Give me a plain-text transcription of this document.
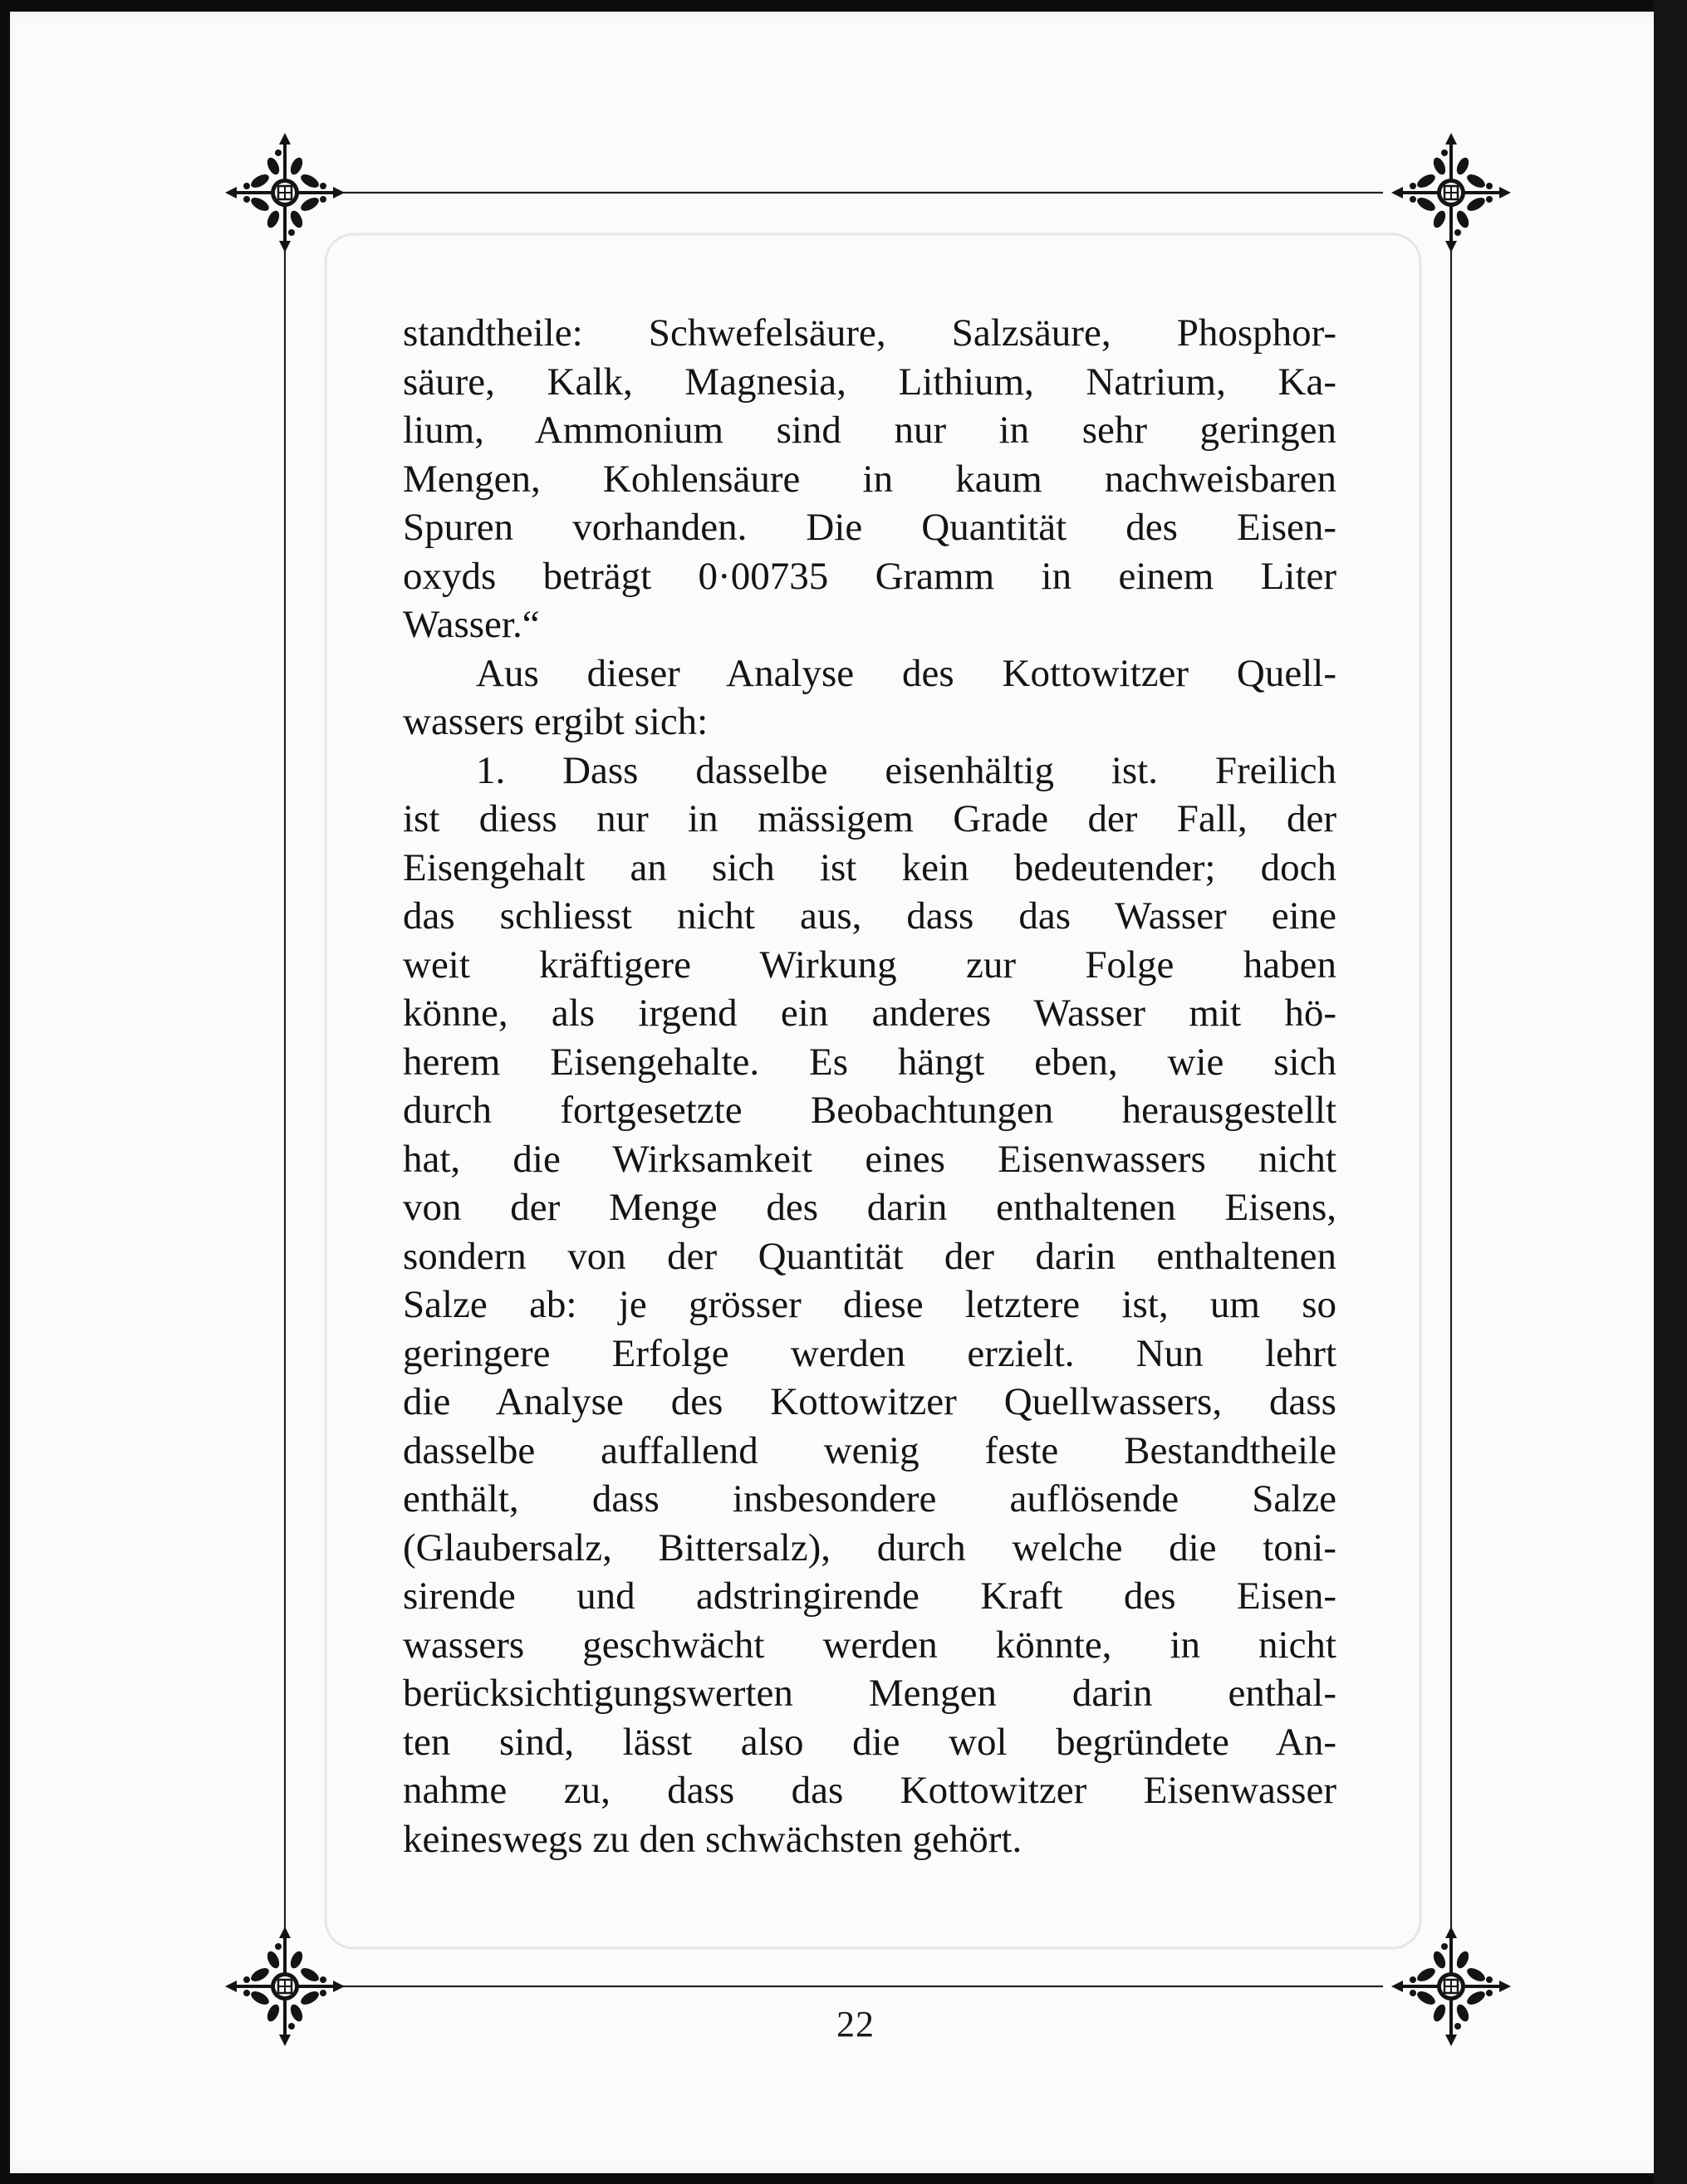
standtheile: Schwefelsäure, Salzsäure, Phosphor-
säure, Kalk, Magnesia, Lithium, Natrium, Ka-
lium, Ammonium sind nur in sehr geringen
Mengen, Kohlensäure in kaum nachweisbaren
Spuren vorhanden. Die Quantität des Eisen-
oxyds beträgt 0·00735 Gramm in einem Liter
Wasser.“
Aus dieser Analyse des Kottowitzer Quell-
wassers ergibt sich:
1. Dass dasselbe eisenhältig ist. Freilich
ist diess nur in mässigem Grade der Fall, der
Eisengehalt an sich ist kein bedeutender; doch
das schliesst nicht aus, dass das Wasser eine
weit kräftigere Wirkung zur Folge haben
könne, als irgend ein anderes Wasser mit hö-
herem Eisengehalte. Es hängt eben, wie sich
durch fortgesetzte Beobachtungen herausgestellt
hat, die Wirksamkeit eines Eisenwassers nicht
von der Menge des darin enthaltenen Eisens,
sondern von der Quantität der darin enthaltenen
Salze ab: je grösser diese letztere ist, um so
geringere Erfolge werden erzielt. Nun lehrt
die Analyse des Kottowitzer Quellwassers, dass
dasselbe auffallend wenig feste Bestandtheile
enthält, dass insbesondere auflösende Salze
(Glaubersalz, Bittersalz), durch welche die toni-
sirende und adstringirende Kraft des Eisen-
wassers geschwächt werden könnte, in nicht
berücksichtigungswerten Mengen darin enthal-
ten sind, lässt also die wol begründete An-
nahme zu, dass das Kottowitzer Eisenwasser
keineswegs zu den schwächsten gehört.
22
